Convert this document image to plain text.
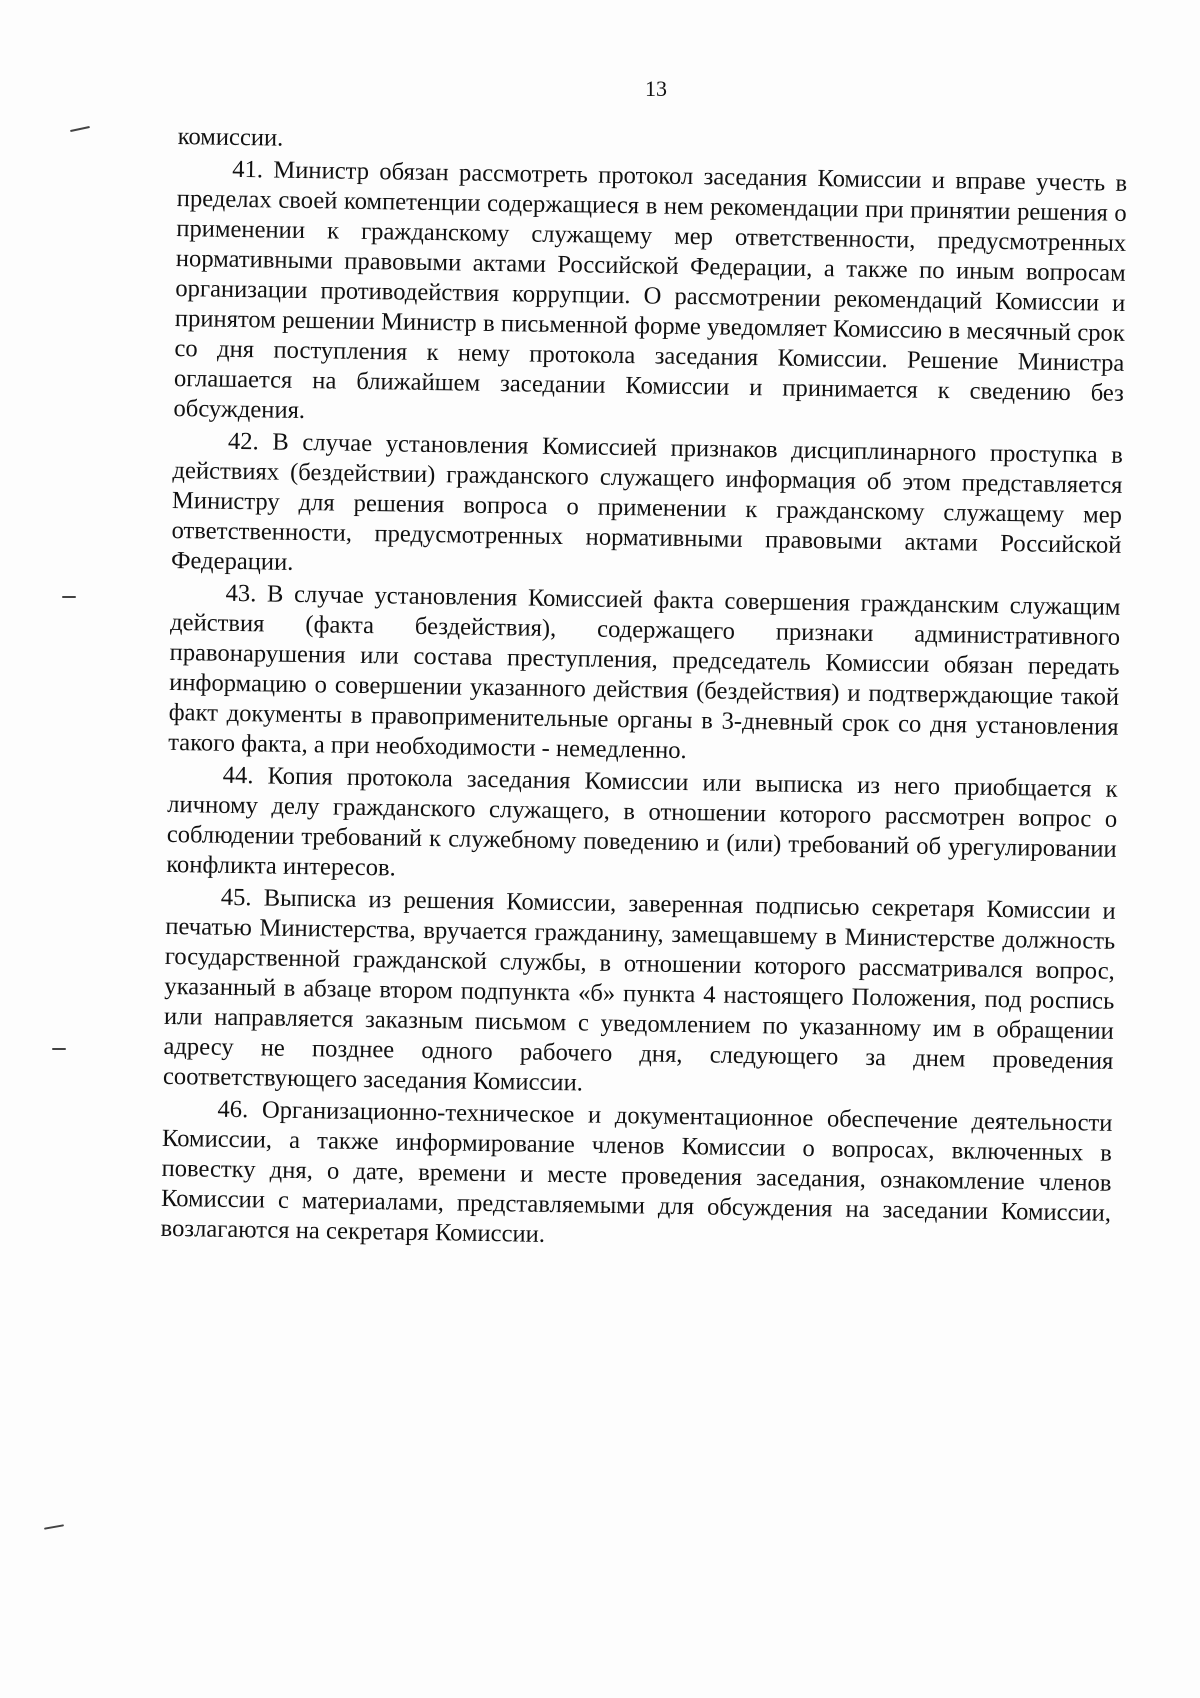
13

комиссии.

41. Министр обязан рассмотреть протокол заседания Комиссии и вправе учесть в пределах своей компетенции содержащиеся в нем рекомендации при принятии решения о применении к гражданскому служащему мер ответственности, предусмотренных нормативными правовыми актами Российской Федерации, а также по иным вопросам организации противодействия коррупции. О рассмотрении рекомендаций Комиссии и принятом решении Министр в письменной форме уведомляет Комиссию в месячный срок со дня поступления к нему протокола заседания Комиссии. Решение Министра оглашается на ближайшем заседании Комиссии и принимается к сведению без обсуждения.

42. В случае установления Комиссией признаков дисциплинарного проступка в действиях (бездействии) гражданского служащего информация об этом представляется Министру для решения вопроса о применении к гражданскому служащему мер ответственности, предусмотренных нормативными правовыми актами Российской Федерации.

43. В случае установления Комиссией факта совершения гражданским служащим действия (факта бездействия), содержащего признаки административного правонарушения или состава преступления, председатель Комиссии обязан передать информацию о совершении указанного действия (бездействия) и подтверждающие такой факт документы в правоприменительные органы в 3-дневный срок со дня установления такого факта, а при необходимости - немедленно.

44. Копия протокола заседания Комиссии или выписка из него приобщается к личному делу гражданского служащего, в отношении которого рассмотрен вопрос о соблюдении требований к служебному поведению и (или) требований об урегулировании конфликта интересов.

45. Выписка из решения Комиссии, заверенная подписью секретаря Комиссии и печатью Министерства, вручается гражданину, замещавшему в Министерстве должность государственной гражданской службы, в отношении которого рассматривался вопрос, указанный в абзаце втором подпункта «б» пункта 4 настоящего Положения, под роспись или направляется заказным письмом с уведомлением по указанному им в обращении адресу не позднее одного рабочего дня, следующего за днем проведения соответствующего заседания Комиссии.

46. Организационно-техническое и документационное обеспечение деятельности Комиссии, а также информирование членов Комиссии о вопросах, включенных в повестку дня, о дате, времени и месте проведения заседания, ознакомление членов Комиссии с материалами, представляемыми для обсуждения на заседании Комиссии, возлагаются на секретаря Комиссии.
